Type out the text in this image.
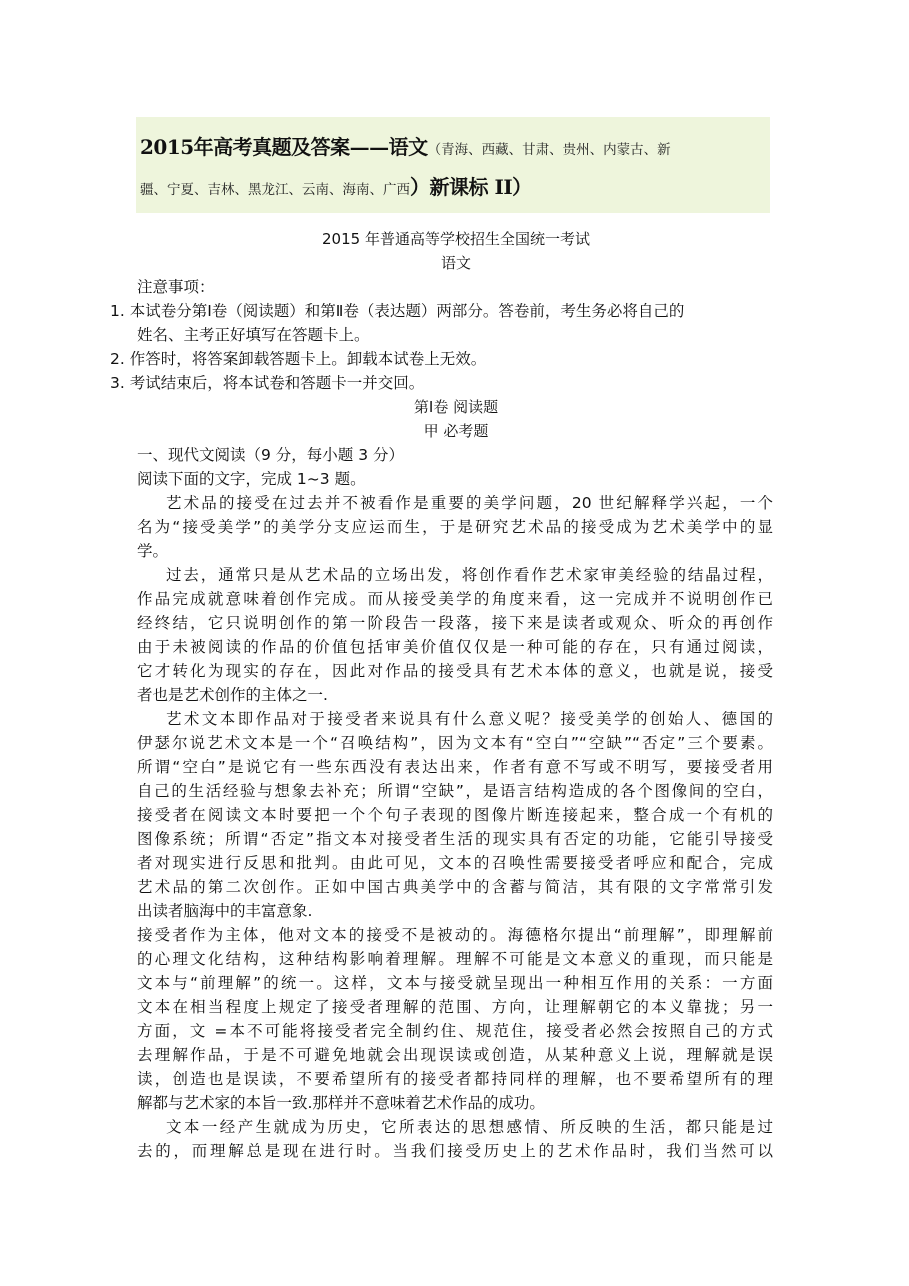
2015年高考真题及答案——语文（青海、西藏、甘肃、贵州、内蒙古、新
疆、宁夏、吉林、黑龙江、云南、海南、广西）新课标 II）
2015 年普通高等学校招生全国统一考试
语文
注意事项：
1. 本试卷分第Ⅰ卷（阅读题）和第Ⅱ卷（表达题）两部分。答卷前，考生务必将自己的
姓名、主考正好填写在答题卡上。
2. 作答时，将答案卸载答题卡上。卸载本试卷上无效。
3. 考试结束后，将本试卷和答题卡一并交回。
第Ⅰ卷 阅读题
甲 必考题
一、现代文阅读（9 分，每小题 3 分）
阅读下面的文字，完成 1~3 题。
艺术品的接受在过去并不被看作是重要的美学问题，20 世纪解释学兴起，一个
名为“接受美学”的美学分支应运而生，于是研究艺术品的接受成为艺术美学中的显
学。
过去，通常只是从艺术品的立场出发，将创作看作艺术家审美经验的结晶过程，
作品完成就意味着创作完成。而从接受美学的角度来看，这一完成并不说明创作已
经终结，它只说明创作的第一阶段告一段落，接下来是读者或观众、听众的再创作
由于未被阅读的作品的价值包括审美价值仅仅是一种可能的存在，只有通过阅读，
它才转化为现实的存在，因此对作品的接受具有艺术本体的意义，也就是说，接受
者也是艺术创作的主体之一.
艺术文本即作品对于接受者来说具有什么意义呢？接受美学的创始人、德国的
伊瑟尔说艺术文本是一个“召唤结构”，因为文本有“空白”“空缺”“否定”三个要素。
所谓“空白”是说它有一些东西没有表达出来，作者有意不写或不明写，要接受者用
自己的生活经验与想象去补充；所谓“空缺”，是语言结构造成的各个图像间的空白，
接受者在阅读文本时要把一个个句子表现的图像片断连接起来，整合成一个有机的
图像系统；所谓“否定”指文本对接受者生活的现实具有否定的功能，它能引导接受
者对现实进行反思和批判。由此可见，文本的召唤性需要接受者呼应和配合，完成
艺术品的第二次创作。正如中国古典美学中的含蓄与简洁，其有限的文字常常引发
出读者脑海中的丰富意象.
接受者作为主体，他对文本的接受不是被动的。海德格尔提出“前理解”，即理解前
的心理文化结构，这种结构影响着理解。理解不可能是文本意义的重现，而只能是
文本与“前理解”的统一。这样，文本与接受就呈现出一种相互作用的关系：一方面
文本在相当程度上规定了接受者理解的范围、方向，让理解朝它的本义靠拢；另一
方面，文 =本不可能将接受者完全制约住、规范住，接受者必然会按照自己的方式
去理解作品，于是不可避免地就会出现误读或创造，从某种意义上说，理解就是误
读，创造也是误读，不要希望所有的接受者都持同样的理解，也不要希望所有的理
解都与艺术家的本旨一致.那样并不意味着艺术作品的成功。
文本一经产生就成为历史，它所表达的思想感情、所反映的生活，都只能是过
去的，而理解总是现在进行时。当我们接受历史上的艺术作品时，我们当然可以
